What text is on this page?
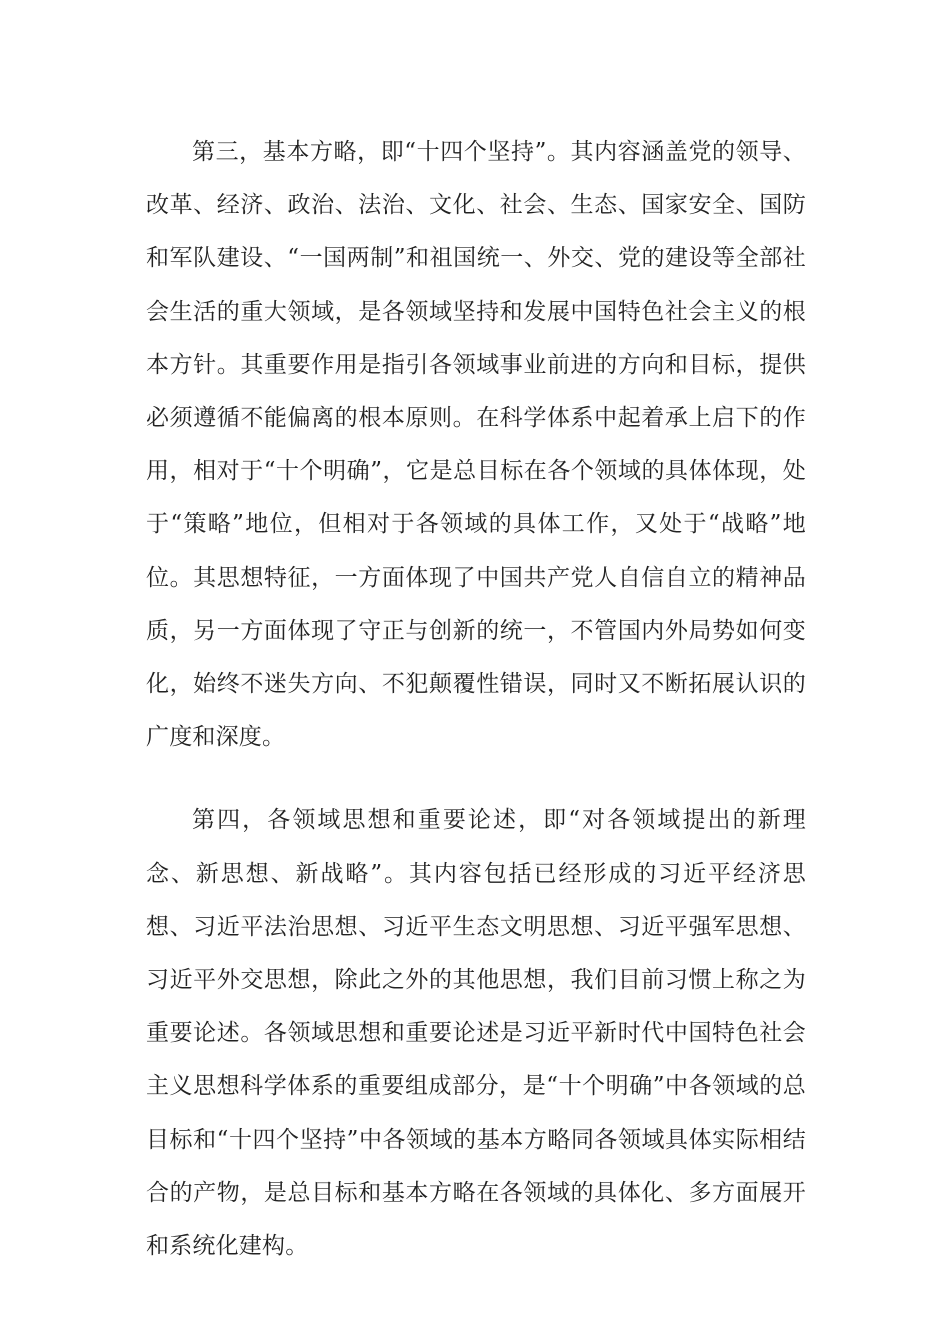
第三，基本方略，即“十四个坚持”。其内容涵盖党的领导、改革、经济、政治、法治、文化、社会、生态、国家安全、国防和军队建设、“一国两制”和祖国统一、外交、党的建设等全部社会生活的重大领域，是各领域坚持和发展中国特色社会主义的根本方针。其重要作用是指引各领域事业前进的方向和目标，提供必须遵循不能偏离的根本原则。在科学体系中起着承上启下的作用，相对于“十个明确”，它是总目标在各个领域的具体体现，处于“策略”地位，但相对于各领域的具体工作，又处于“战略”地位。其思想特征，一方面体现了中国共产党人自信自立的精神品质，另一方面体现了守正与创新的统一，不管国内外局势如何变化，始终不迷失方向、不犯颠覆性错误，同时又不断拓展认识的广度和深度。

第四，各领域思想和重要论述，即“对各领域提出的新理念、新思想、新战略”。其内容包括已经形成的习近平经济思想、习近平法治思想、习近平生态文明思想、习近平强军思想、习近平外交思想，除此之外的其他思想，我们目前习惯上称之为重要论述。各领域思想和重要论述是习近平新时代中国特色社会主义思想科学体系的重要组成部分，是“十个明确”中各领域的总目标和“十四个坚持”中各领域的基本方略同各领域具体实际相结合的产物，是总目标和基本方略在各领域的具体化、多方面展开和系统化建构。
